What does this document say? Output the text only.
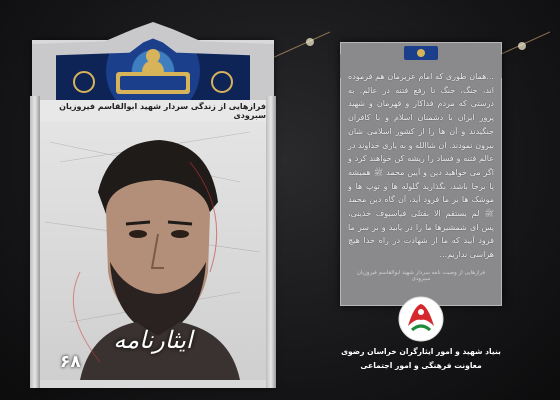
فرازهایی از زندگی سردار شهید ابوالقاسم فیروزیان سبرودی
ایثارنامه
۶۸
...همان طوری که امام عزیزمان هم فرموده اند، جنگ، جنگ تا رفع فتنه در عالم. به درستی که مردم فداکار و قهرمان و شهید پرور ایران با دشمنان اسلام و با کافران جنگیدند و آن ها را از کشور اسلامی شان بیرون نمودند. ان شاالله و به یاری خداوند در عالم فتنه و فساد را ریشه کن خواهند کرد و اگر می خواهید دین و آیین محمد ﷺ همیشه پا برجا باشد، بگذارید گلوله ها و توپ ها و موشک ها بر ما فرود آید، آن گاه دین محمد ﷺ لم یستقم الا بقتلی فیاسیوف خذینی، پس ای شمشیرها ما را در یابید و بر سر ما فرود آیید که ما از شهادت در راه خدا هیچ هراسی نداریم...
فرازهایی از وصیت نامه سردار شهید ابوالقاسم فیروزیان سبرودی
بنیاد شهید و امور ایثارگران خراسان رضوی
معاونت فرهنگی و امور اجتماعی
